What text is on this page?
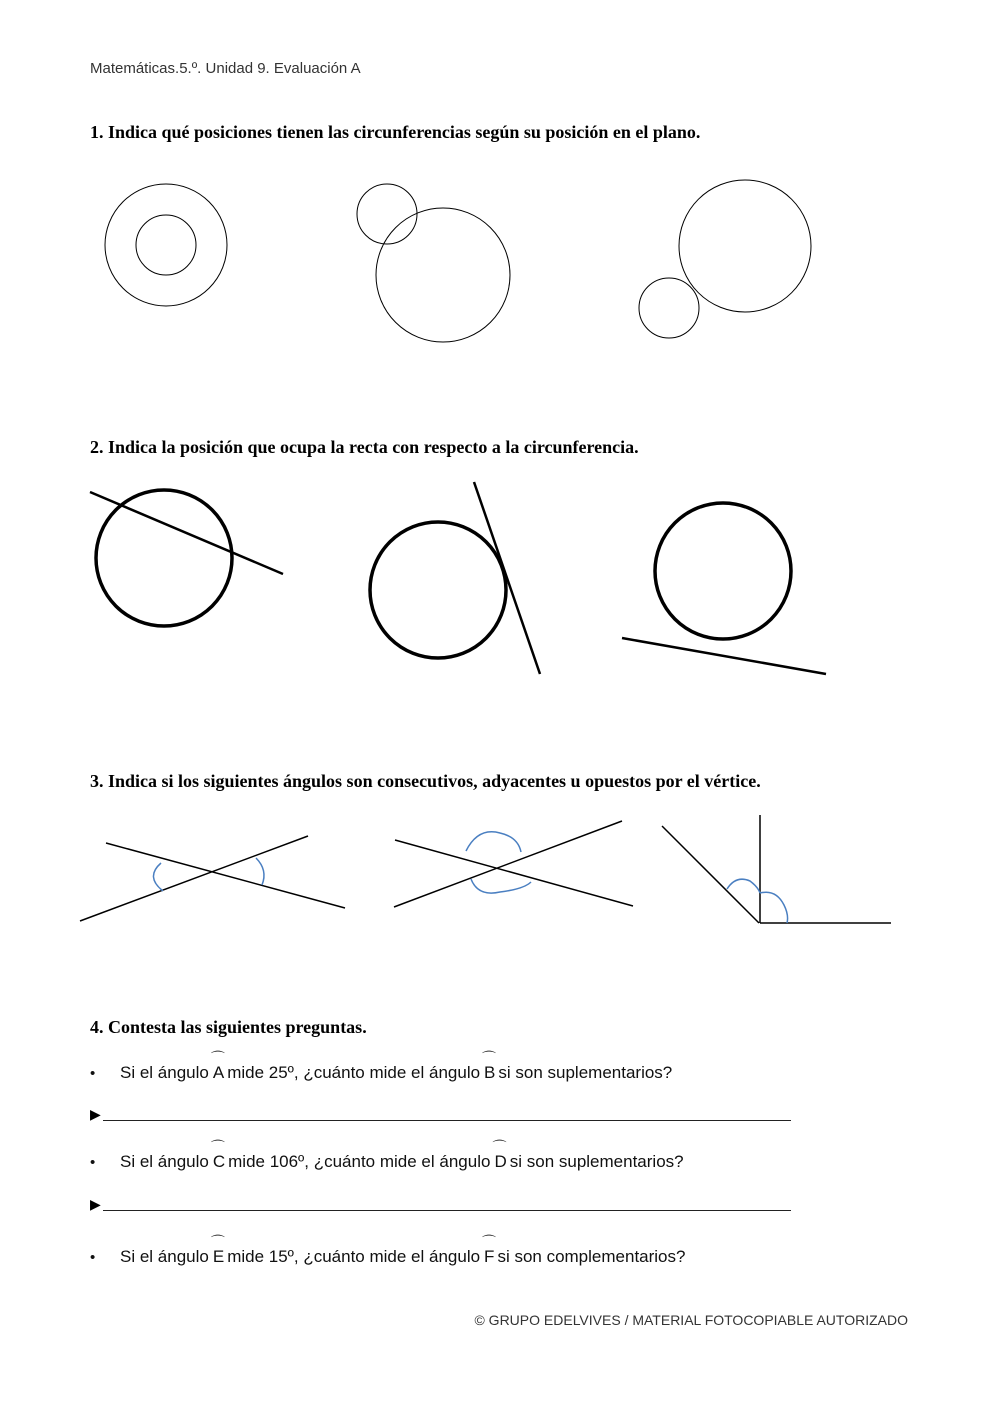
Matemáticas.5.º. Unidad 9. Evaluación A
1. Indica qué posiciones tienen las circunferencias según su posición en el plano.
2. Indica la posición que ocupa la recta con respecto a la circunferencia.
3. Indica si los siguientes ángulos son consecutivos, adyacentes u opuestos por el vértice.
4. Contesta las siguientes preguntas.
•	Si el ángulo
⌒
A mide 25º, ¿cuánto mide el ángulo
⌒
B si son suplementarios?
▶
•	Si el ángulo
⌒
C mide 106º, ¿cuánto mide el ángulo
⌒
D si son suplementarios?
▶
•	Si el ángulo
⌒
E mide 15º, ¿cuánto mide el ángulo
⌒
F si son complementarios?
© GRUPO EDELVIVES / MATERIAL FOTOCOPIABLE AUTORIZADO
